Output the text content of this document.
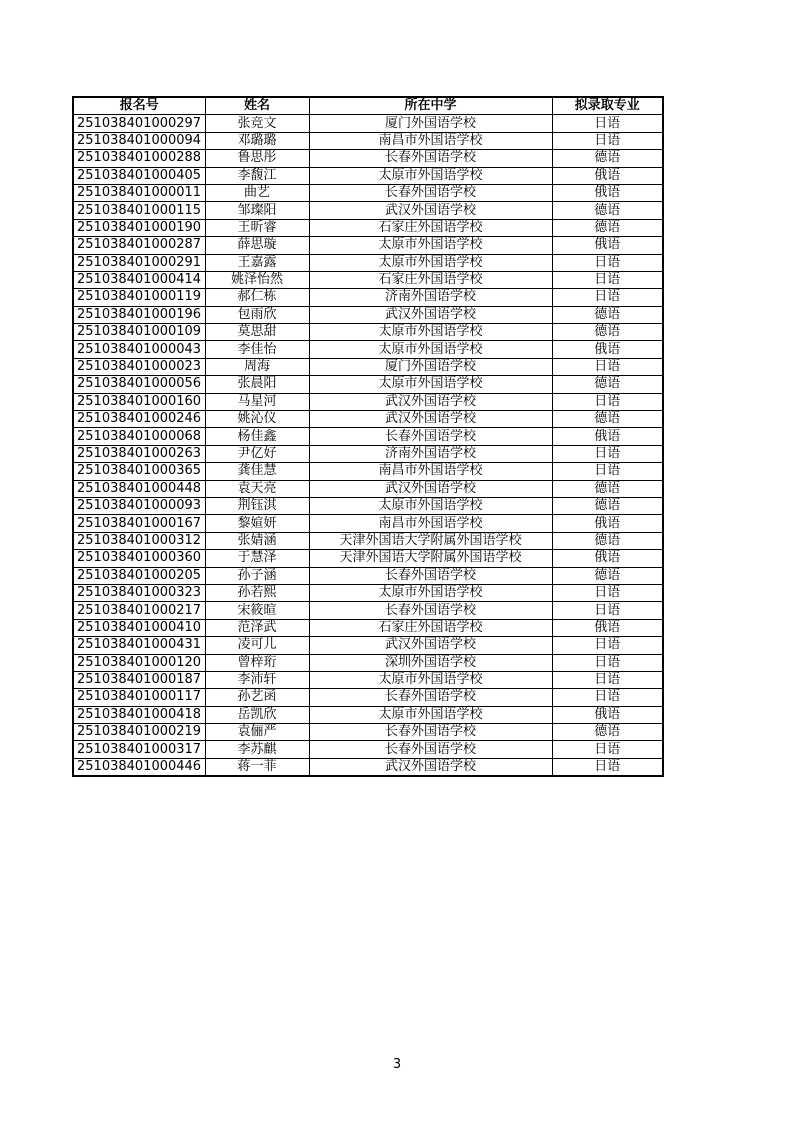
报名号	姓名	所在中学	拟录取专业
251038401000297	张竞文	厦门外国语学校	日语
251038401000094	邓璐璐	南昌市外国语学校	日语
251038401000288	鲁思彤	长春外国语学校	德语
251038401000405	李馥江	太原市外国语学校	俄语
251038401000011	曲艺	长春外国语学校	俄语
251038401000115	邹璨阳	武汉外国语学校	德语
251038401000190	王昕睿	石家庄外国语学校	德语
251038401000287	薛思璇	太原市外国语学校	俄语
251038401000291	王嘉露	太原市外国语学校	日语
251038401000414	姚泽怡然	石家庄外国语学校	日语
251038401000119	郝仁栋	济南外国语学校	日语
251038401000196	包雨欣	武汉外国语学校	德语
251038401000109	莫思甜	太原市外国语学校	德语
251038401000043	李佳怡	太原市外国语学校	俄语
251038401000023	周海	厦门外国语学校	日语
251038401000056	张晨阳	太原市外国语学校	德语
251038401000160	马星河	武汉外国语学校	日语
251038401000246	姚沁仪	武汉外国语学校	德语
251038401000068	杨佳鑫	长春外国语学校	俄语
251038401000263	尹亿好	济南外国语学校	日语
251038401000365	龚佳慧	南昌市外国语学校	日语
251038401000448	袁天亮	武汉外国语学校	德语
251038401000093	荆钰淇	太原市外国语学校	德语
251038401000167	黎媗妍	南昌市外国语学校	俄语
251038401000312	张婧涵	天津外国语大学附属外国语学校	德语
251038401000360	于慧泽	天津外国语大学附属外国语学校	俄语
251038401000205	孙子涵	长春外国语学校	德语
251038401000323	孙若熙	太原市外国语学校	日语
251038401000217	宋筱暄	长春外国语学校	日语
251038401000410	范泽武	石家庄外国语学校	俄语
251038401000431	凌可儿	武汉外国语学校	日语
251038401000120	曾梓珩	深圳外国语学校	日语
251038401000187	李沛轩	太原市外国语学校	日语
251038401000117	孙艺函	长春外国语学校	日语
251038401000418	岳凯欣	太原市外国语学校	俄语
251038401000219	袁俪严	长春外国语学校	德语
251038401000317	李苏麒	长春外国语学校	日语
251038401000446	蒋一菲	武汉外国语学校	日语
3
